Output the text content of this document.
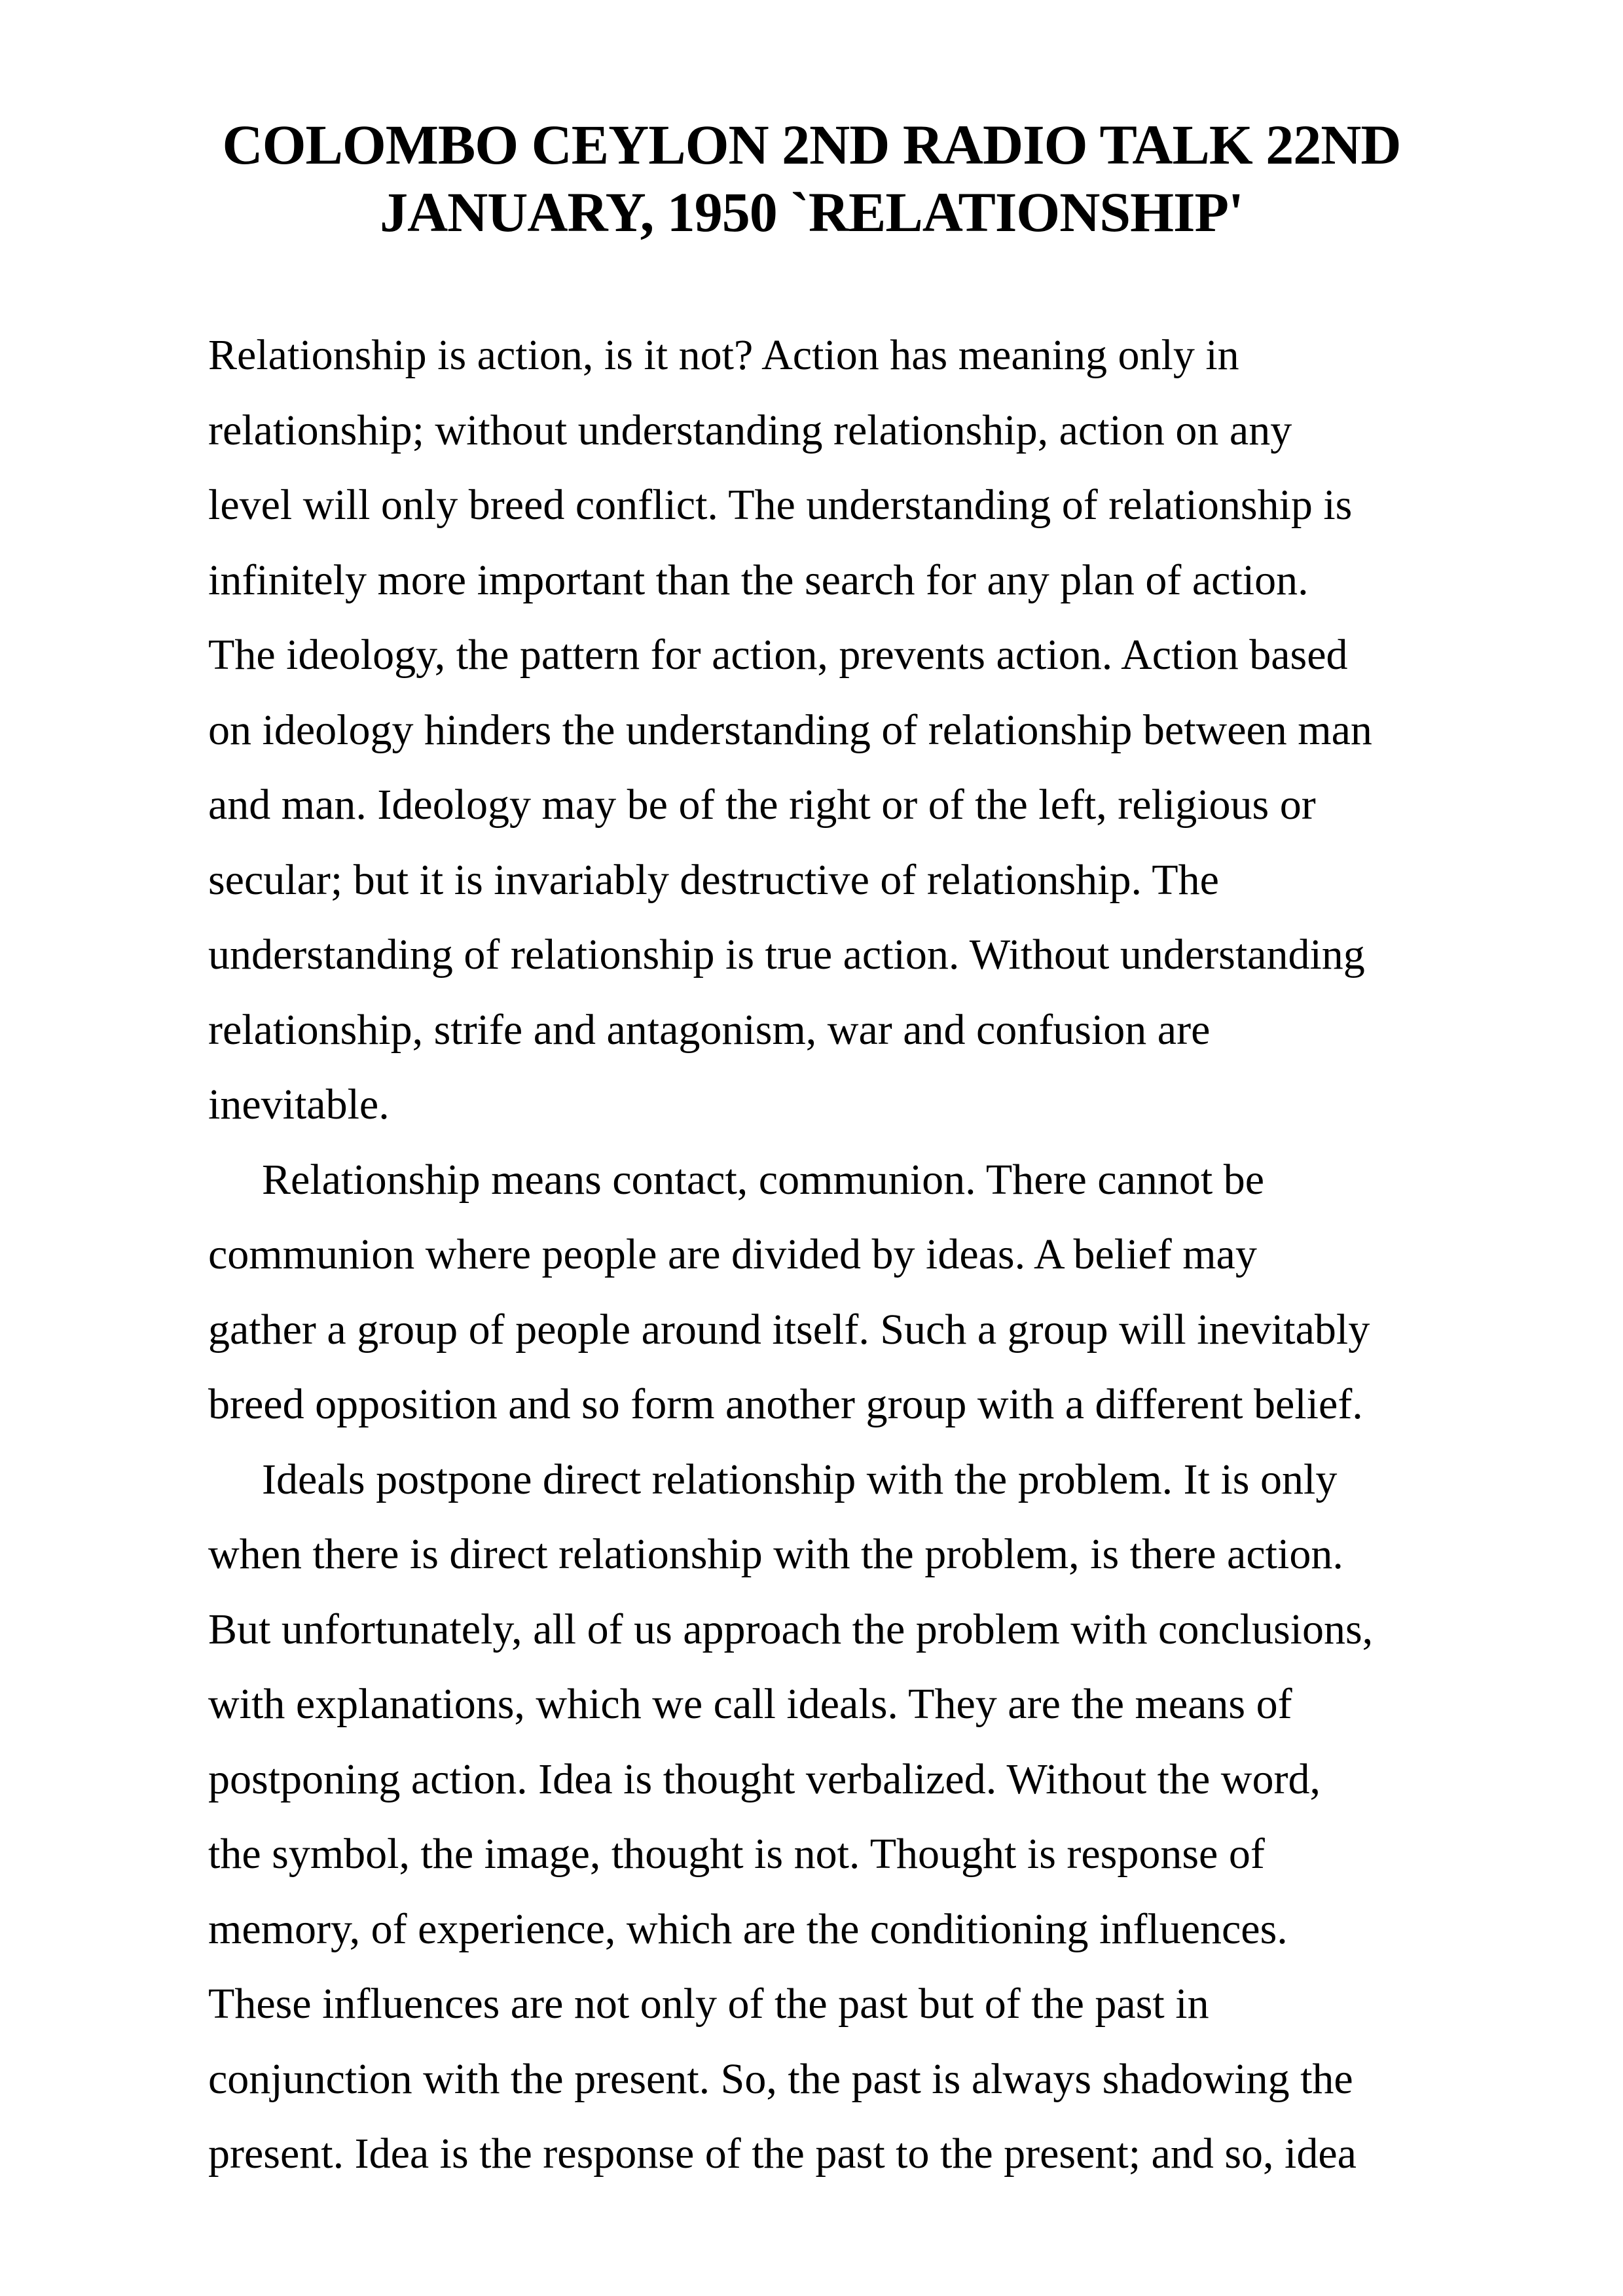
COLOMBO CEYLON 2ND RADIO TALK 22ND
JANUARY, 1950 `RELATIONSHIP'

Relationship is action, is it not? Action has meaning only in
relationship; without understanding relationship, action on any
level will only breed conflict. The understanding of relationship is
infinitely more important than the search for any plan of action.
The ideology, the pattern for action, prevents action. Action based
on ideology hinders the understanding of relationship between man
and man. Ideology may be of the right or of the left, religious or
secular; but it is invariably destructive of relationship. The
understanding of relationship is true action. Without understanding
relationship, strife and antagonism, war and confusion are
inevitable.

Relationship means contact, communion. There cannot be
communion where people are divided by ideas. A belief may
gather a group of people around itself. Such a group will inevitably
breed opposition and so form another group with a different belief.

Ideals postpone direct relationship with the problem. It is only
when there is direct relationship with the problem, is there action.
But unfortunately, all of us approach the problem with conclusions,
with explanations, which we call ideals. They are the means of
postponing action. Idea is thought verbalized. Without the word,
the symbol, the image, thought is not. Thought is response of
memory, of experience, which are the conditioning influences.
These influences are not only of the past but of the past in
conjunction with the present. So, the past is always shadowing the
present. Idea is the response of the past to the present; and so, idea
